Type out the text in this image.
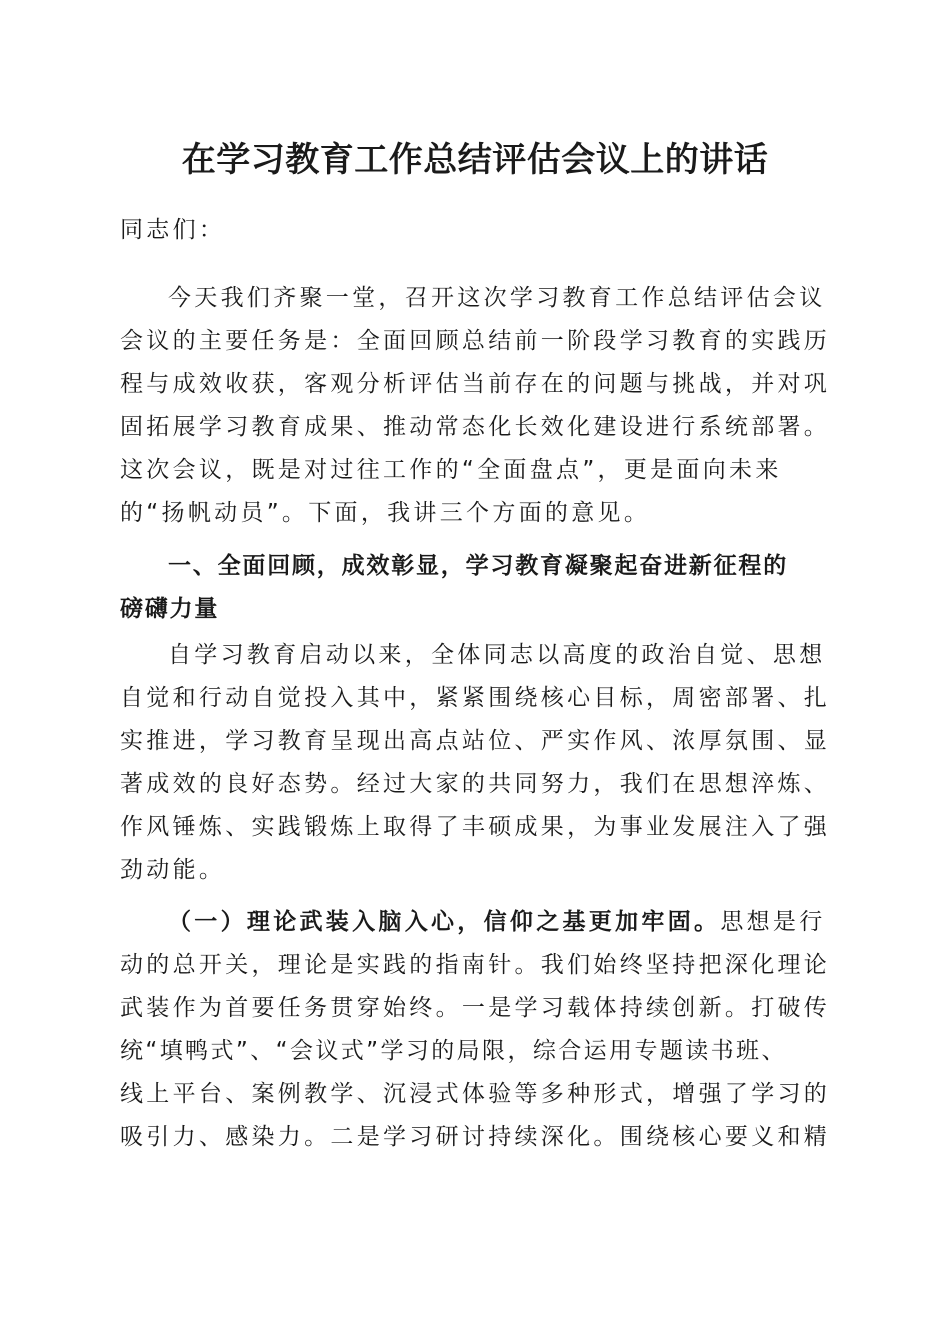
在学习教育工作总结评估会议上的讲话

同志们：

今天我们齐聚一堂，召开这次学习教育工作总结评估会议

会议的主要任务是：全面回顾总结前一阶段学习教育的实践历

程与成效收获，客观分析评估当前存在的问题与挑战，并对巩

固拓展学习教育成果、推动常态化长效化建设进行系统部署。

这次会议，既是对过往工作的“全面盘点”，更是面向未来

的“扬帆动员”。下面，我讲三个方面的意见。

一、全面回顾，成效彰显，学习教育凝聚起奋进新征程的

磅礴力量

自学习教育启动以来，全体同志以高度的政治自觉、思想

自觉和行动自觉投入其中，紧紧围绕核心目标，周密部署、扎

实推进，学习教育呈现出高点站位、严实作风、浓厚氛围、显

著成效的良好态势。经过大家的共同努力，我们在思想淬炼、

作风锤炼、实践锻炼上取得了丰硕成果，为事业发展注入了强

劲动能。

（一）理论武装入脑入心，信仰之基更加牢固。思想是行

动的总开关，理论是实践的指南针。我们始终坚持把深化理论

武装作为首要任务贯穿始终。一是学习载体持续创新。打破传

统“填鸭式”、“会议式”学习的局限，综合运用专题读书班、

线上平台、案例教学、沉浸式体验等多种形式，增强了学习的

吸引力、感染力。二是学习研讨持续深化。围绕核心要义和精
